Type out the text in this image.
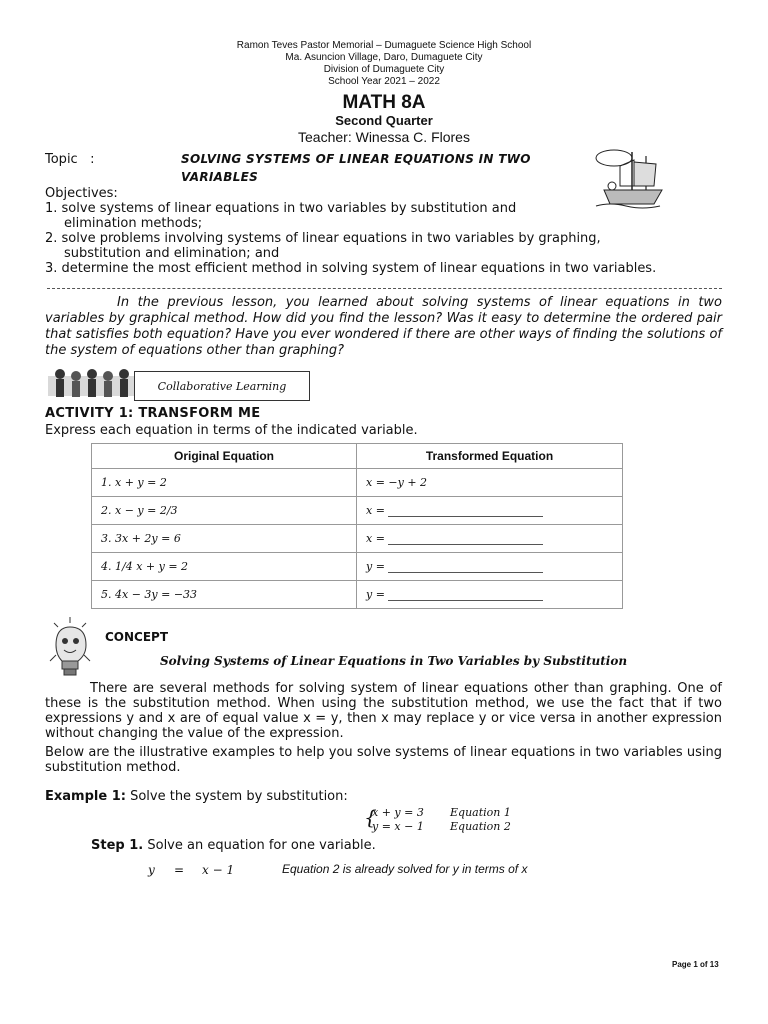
Ramon Teves Pastor Memorial – Dumaguete Science High School
Ma. Asuncion Village, Daro, Dumaguete City
Division of Dumaguete City
School Year 2021 – 2022
MATH 8A
Second Quarter
Teacher: Winessa C. Flores
Topic   :	SOLVING SYSTEMS OF LINEAR EQUATIONS IN TWO
VARIABLES
Objectives:
1. solve systems of linear equations in two variables by substitution and
elimination methods;
2. solve problems involving systems of linear equations in two variables by graphing,
substitution and elimination; and
3. determine the most efficient method in solving system of linear equations in two variables.
In the previous lesson, you learned about solving systems of linear equations in two variables by graphical method. How did you find the lesson? Was it easy to determine the ordered pair that satisfies both equation? Have you ever wondered if there are other ways of finding the solutions of the system of equations other than graphing?
Collaborative Learning
ACTIVITY 1: TRANSFORM ME
Express each equation in terms of the indicated variable.
Original Equation	Transformed Equation
1. x + y = 2	x = −y + 2
2. x − y = 2/3	x =
3. 3x + 2y = 6	x =
4. 1/4 x + y = 2	y =
5. 4x − 3y = −33	y =
CONCEPT
Solving Systems of Linear Equations in Two Variables by Substitution
There are several methods for solving system of linear equations other than graphing. One of these is the substitution method. When using the substitution method, we use the fact that if two expressions y and x are of equal value x = y, then x may replace y or vice versa in another expression without changing the value of the expression.
Below are the illustrative examples to help you solve systems of linear equations in two variables using substitution method.
Example 1: Solve the system by substitution:
{
x + y = 3 Equation 1
y = x − 1 Equation 2
Step 1. Solve an equation for one variable.
y = x − 1	Equation 2 is already solved for y in terms of x
Page 1 of 13
